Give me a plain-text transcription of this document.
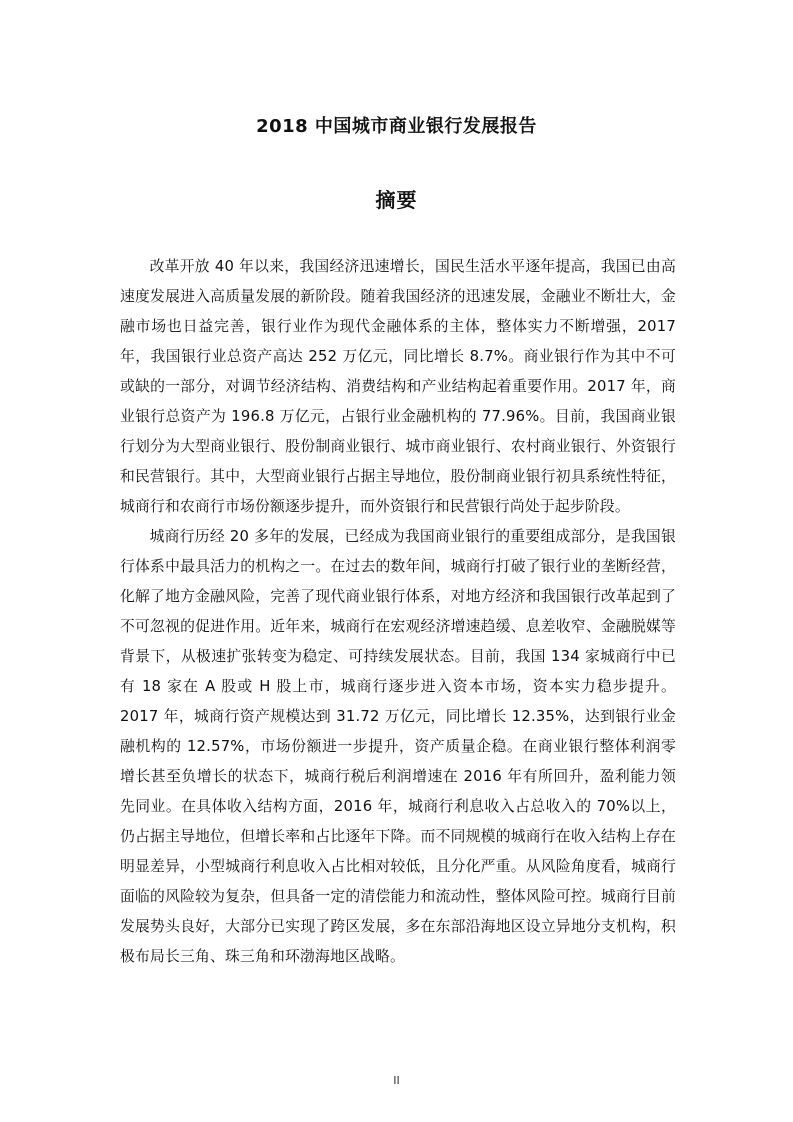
2018 中国城市商业银行发展报告
摘要

改革开放 40 年以来，我国经济迅速增长，国民生活水平逐年提高，我国已由高速度发展进入高质量发展的新阶段。随着我国经济的迅速发展，金融业不断壮大，金融市场也日益完善，银行业作为现代金融体系的主体，整体实力不断增强，2017 年，我国银行业总资产高达 252 万亿元，同比增长 8.7%。商业银行作为其中不可或缺的一部分，对调节经济结构、消费结构和产业结构起着重要作用。2017 年，商业银行总资产为 196.8 万亿元，占银行业金融机构的 77.96%。目前，我国商业银行划分为大型商业银行、股份制商业银行、城市商业银行、农村商业银行、外资银行和民营银行。其中，大型商业银行占据主导地位，股份制商业银行初具系统性特征，城商行和农商行市场份额逐步提升，而外资银行和民营银行尚处于起步阶段。

城商行历经 20 多年的发展，已经成为我国商业银行的重要组成部分，是我国银行体系中最具活力的机构之一。在过去的数年间，城商行打破了银行业的垄断经营，化解了地方金融风险，完善了现代商业银行体系，对地方经济和我国银行改革起到了不可忽视的促进作用。近年来，城商行在宏观经济增速趋缓、息差收窄、金融脱媒等背景下，从极速扩张转变为稳定、可持续发展状态。目前，我国 134 家城商行中已有 18 家在 A 股或 H 股上市，城商行逐步进入资本市场，资本实力稳步提升。2017 年，城商行资产规模达到 31.72 万亿元，同比增长 12.35%，达到银行业金融机构的 12.57%，市场份额进一步提升，资产质量企稳。在商业银行整体利润零增长甚至负增长的状态下，城商行税后利润增速在 2016 年有所回升，盈利能力领先同业。在具体收入结构方面，2016 年，城商行利息收入占总收入的 70%以上，仍占据主导地位，但增长率和占比逐年下降。而不同规模的城商行在收入结构上存在明显差异，小型城商行利息收入占比相对较低，且分化严重。从风险角度看，城商行面临的风险较为复杂，但具备一定的清偿能力和流动性，整体风险可控。城商行目前发展势头良好，大部分已实现了跨区发展，多在东部沿海地区设立异地分支机构，积极布局长三角、珠三角和环渤海地区战略。

II
